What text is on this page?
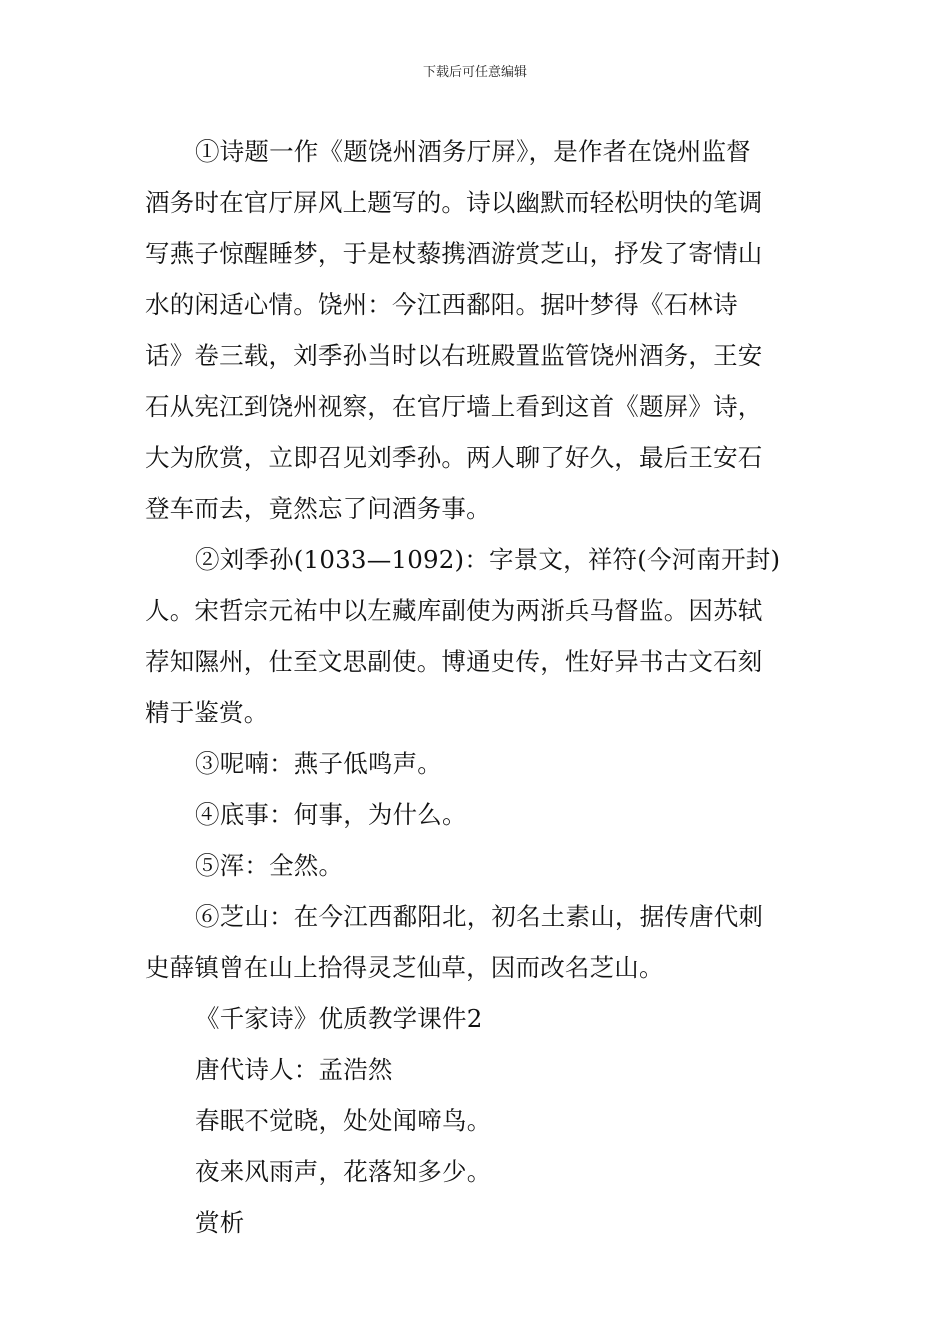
下载后可任意编辑
①诗题一作《题饶州酒务厅屏》，是作者在饶州监督
酒务时在官厅屏风上题写的。诗以幽默而轻松明快的笔调
写燕子惊醒睡梦，于是杖藜携酒游赏芝山，抒发了寄情山
水的闲适心情。饶州：今江西鄱阳。据叶梦得《石林诗
话》卷三载，刘季孙当时以右班殿置监管饶州酒务，王安
石从宪江到饶州视察，在官厅墙上看到这首《题屏》诗，
大为欣赏，立即召见刘季孙。两人聊了好久，最后王安石
登车而去，竟然忘了问酒务事。
②刘季孙(1033—1092)：字景文，祥符(今河南开封)
人。宋哲宗元祐中以左藏库副使为两浙兵马督监。因苏轼
荐知隰州，仕至文思副使。博通史传，性好异书古文石刻
精于鉴赏。
③呢喃：燕子低鸣声。
④底事：何事，为什么。
⑤浑：全然。
⑥芝山：在今江西鄱阳北，初名土素山，据传唐代刺
史薛镇曾在山上拾得灵芝仙草，因而改名芝山。
《千家诗》优质教学课件2
唐代诗人：孟浩然
春眠不觉晓，处处闻啼鸟。
夜来风雨声，花落知多少。
赏析
